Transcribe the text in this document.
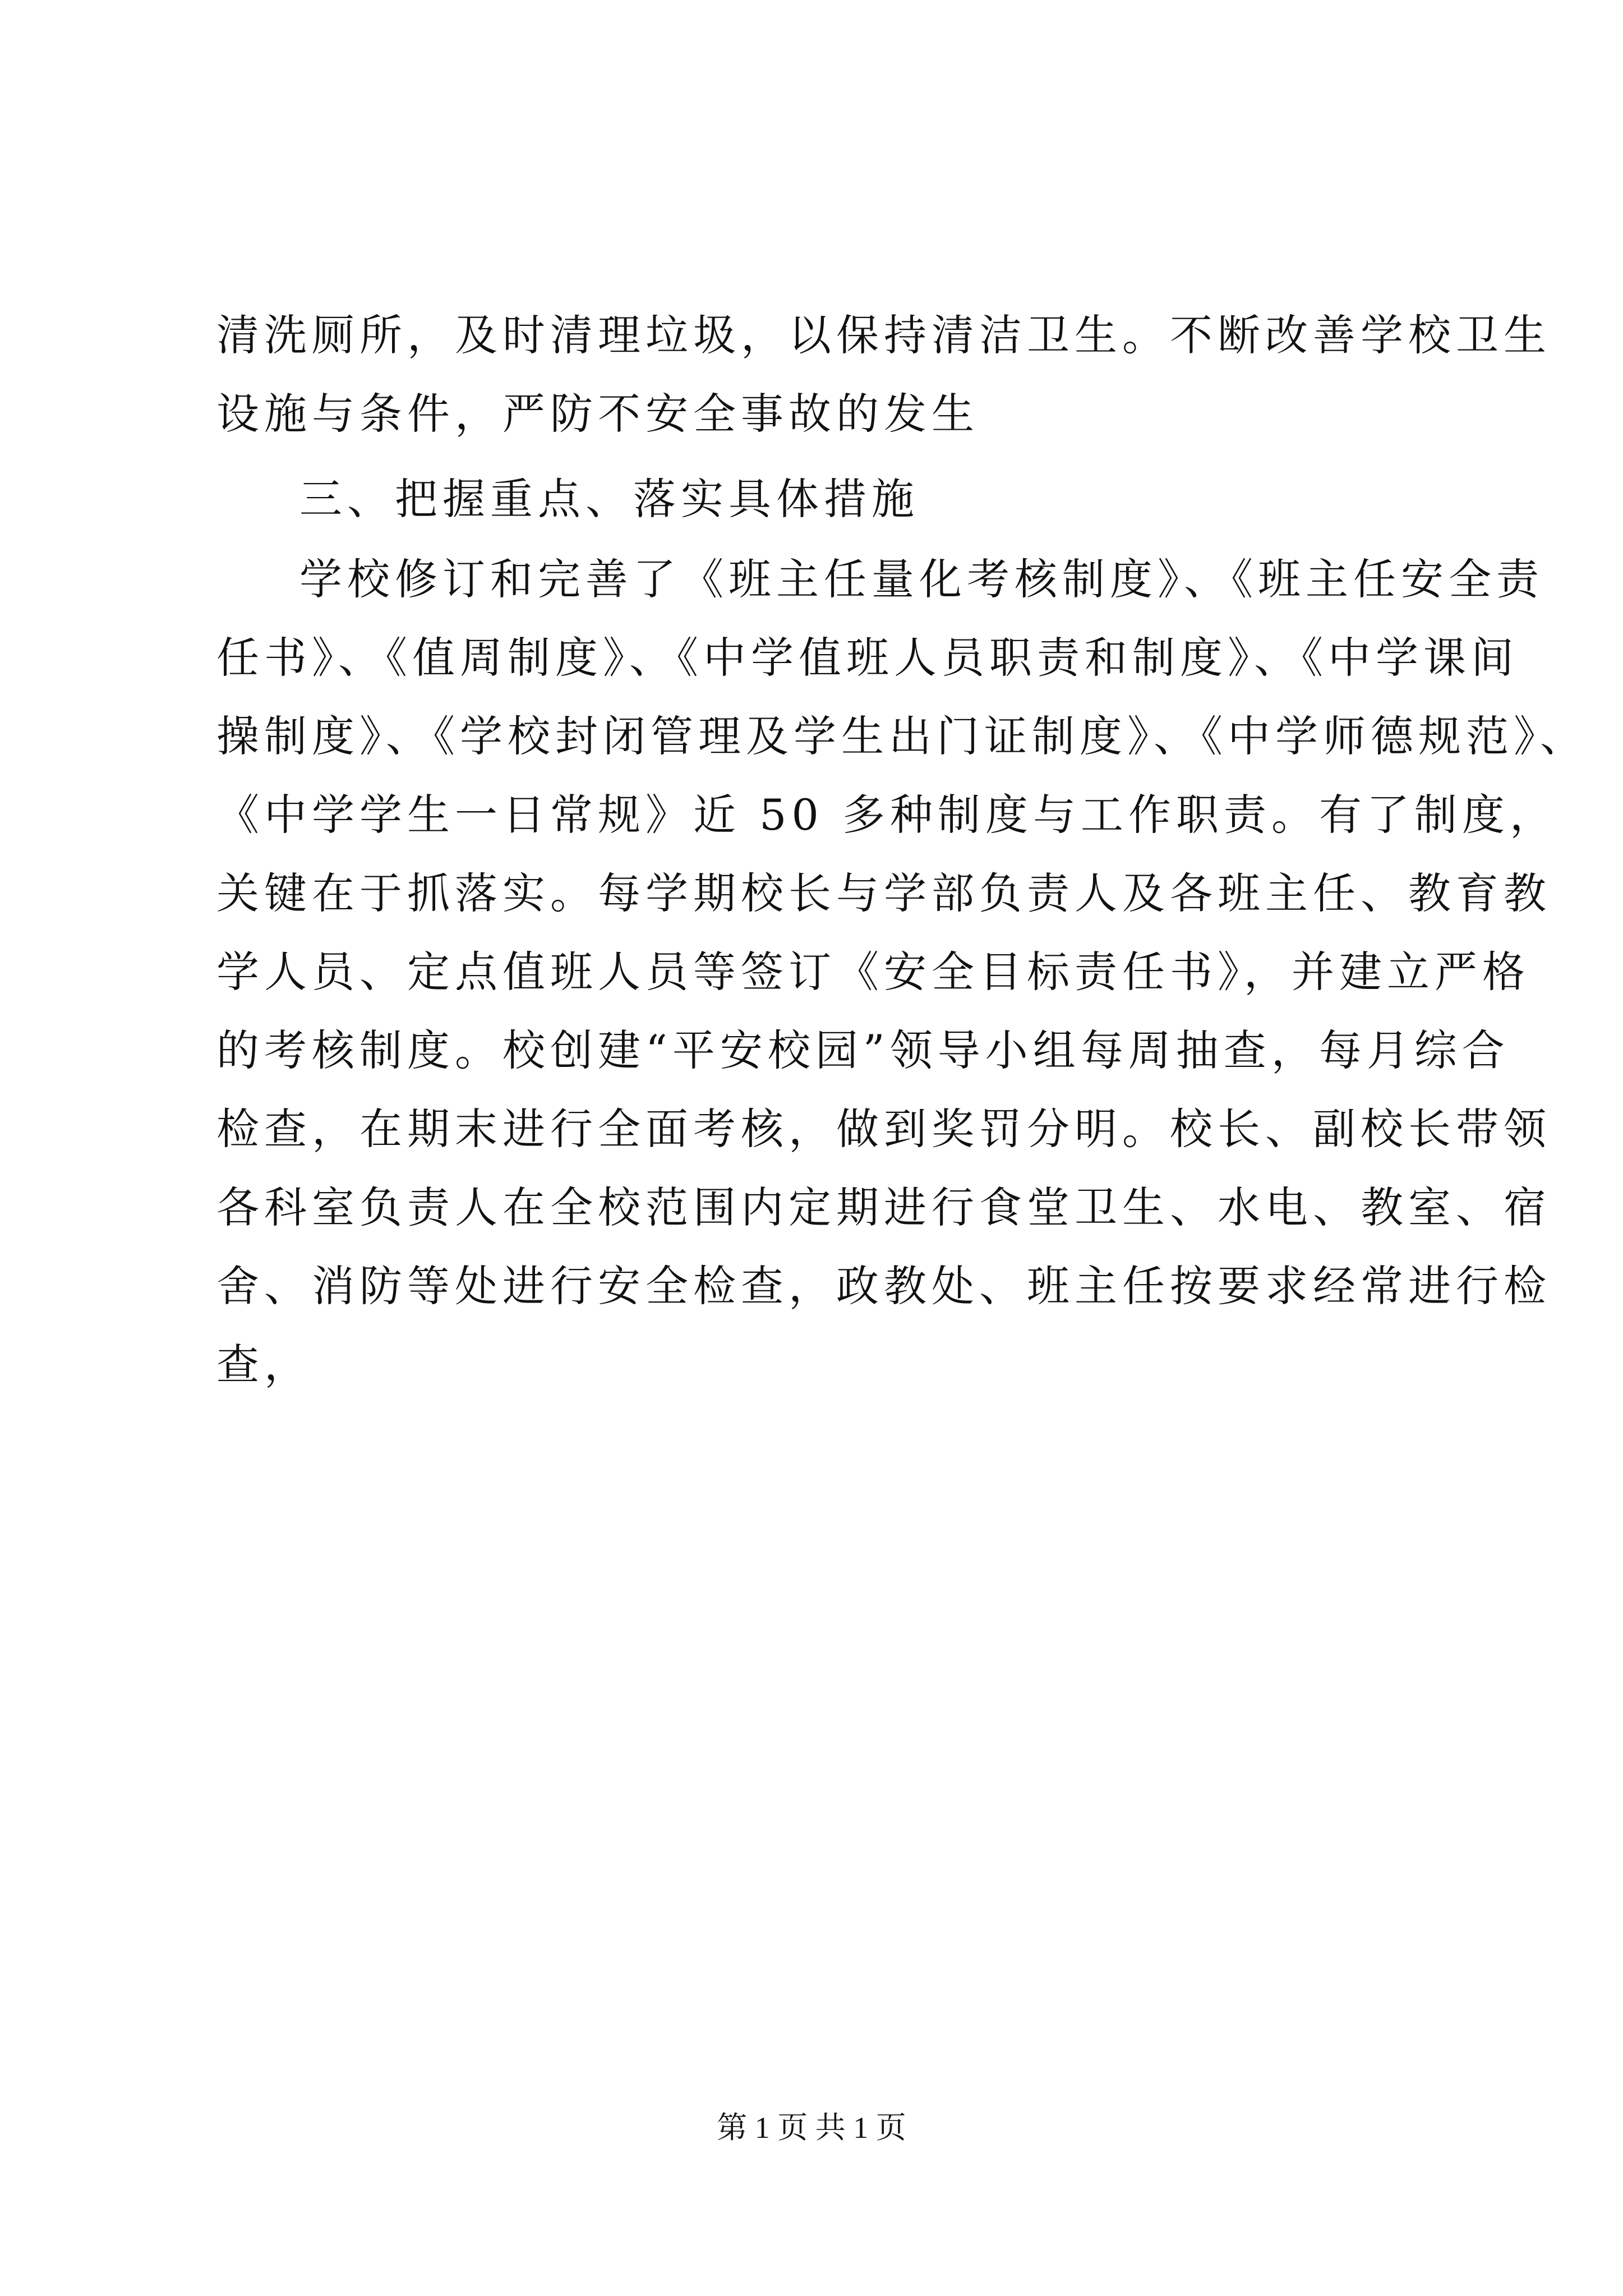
清洗厕所，及时清理垃圾，以保持清洁卫生。不断改善学校卫生
设施与条件，严防不安全事故的发生
三、把握重点、落实具体措施
学校修订和完善了《班主任量化考核制度》、《班主任安全责
任书》、《值周制度》、《中学值班人员职责和制度》、《中学课间
操制度》、《学校封闭管理及学生出门证制度》、《中学师德规范》、
《中学学生一日常规》近 50 多种制度与工作职责。有了制度，
关键在于抓落实。每学期校长与学部负责人及各班主任、教育教
学人员、定点值班人员等签订《安全目标责任书》，并建立严格
的考核制度。校创建“平安校园”领导小组每周抽查，每月综合
检查，在期末进行全面考核，做到奖罚分明。校长、副校长带领
各科室负责人在全校范围内定期进行食堂卫生、水电、教室、宿
舍、消防等处进行安全检查，政教处、班主任按要求经常进行检
查，
第 1 页 共 1 页
